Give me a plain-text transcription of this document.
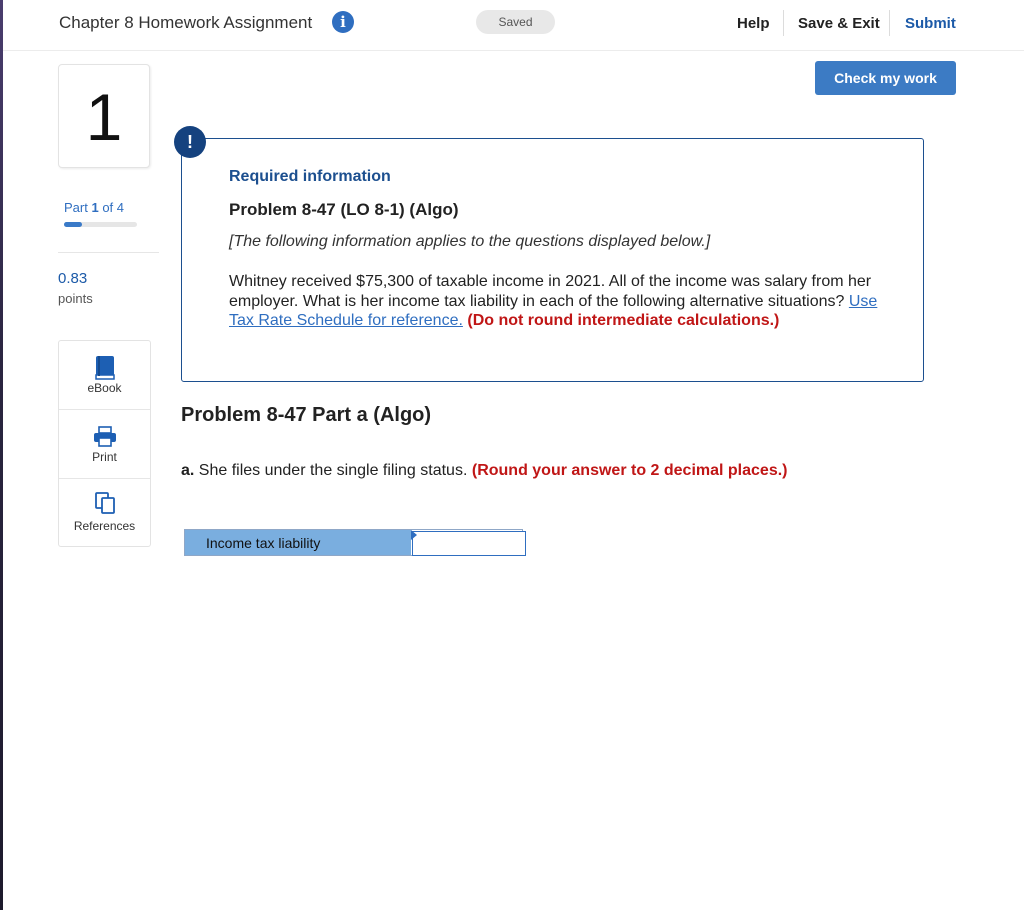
Chapter 8 Homework Assignment	i	Saved	Help Save & Exit Submit
1
Part 1 of 4
0.83
points
eBook
Print
References
Check my work
!
Required information
Problem 8-47 (LO 8-1) (Algo)
[The following information applies to the questions displayed below.]
Whitney received $75,300 of taxable income in 2021. All of the income was salary from her employer. What is her income tax liability in each of the following alternative situations? Use Tax Rate Schedule for reference. (Do not round intermediate calculations.)
Problem 8-47 Part a (Algo)
a. She files under the single filing status. (Round your answer to 2 decimal places.)
Income tax liability
